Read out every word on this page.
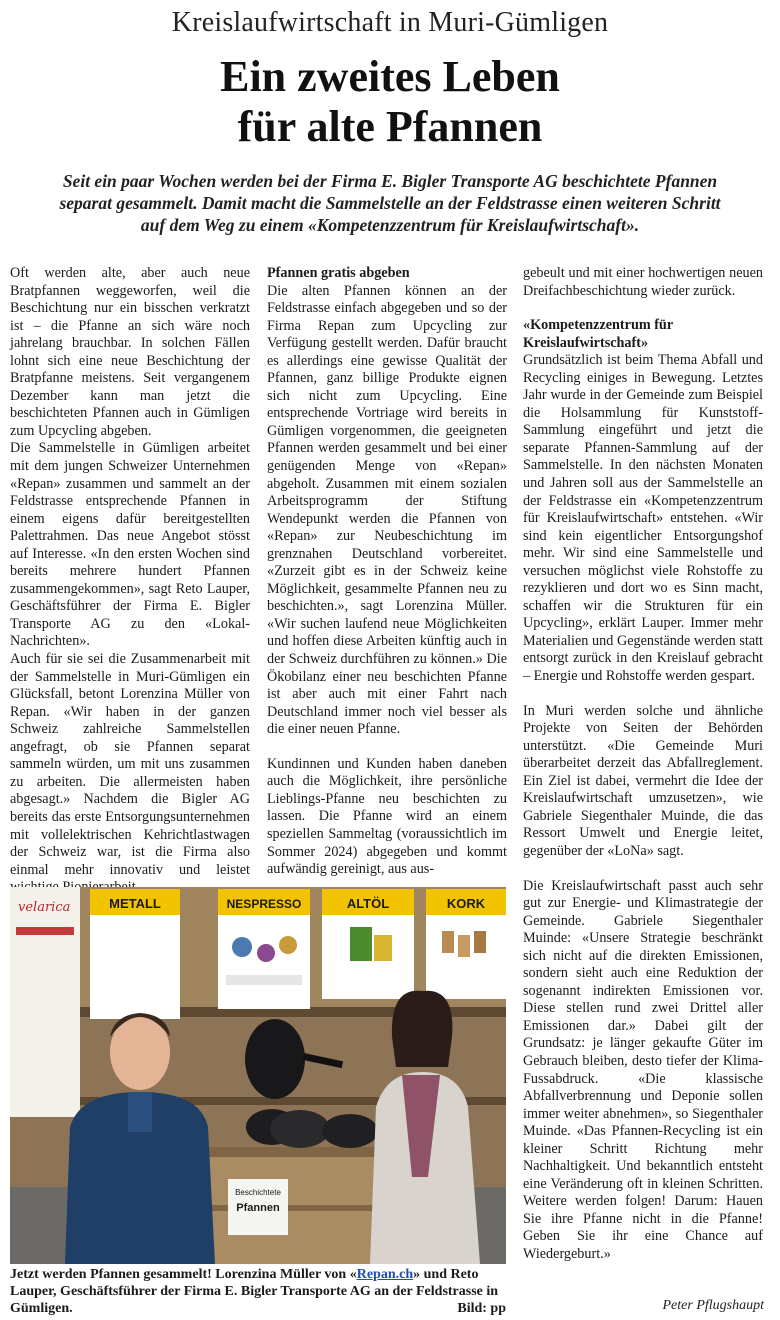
Kreislaufwirtschaft in Muri-Gümligen
Ein zweites Leben
für alte Pfannen
Seit ein paar Wochen werden bei der Firma E. Bigler Transporte AG beschichtete Pfannen
separat gesammelt. Damit macht die Sammelstelle an der Feldstrasse einen weiteren Schritt
auf dem Weg zu einem «Kompetenzzentrum für Kreislaufwirtschaft».

Oft werden alte, aber auch neue Bratpfannen weggeworfen, weil die Beschichtung nur ein bisschen verkratzt ist – die Pfanne an sich wäre noch jahrelang brauchbar. In solchen Fällen lohnt sich eine neue Beschichtung der Bratpfanne meistens. Seit vergangenem Dezember kann man jetzt die beschichteten Pfannen auch in Gümligen zum Upcycling abgeben.

Die Sammelstelle in Gümligen arbeitet mit dem jungen Schweizer Unternehmen «Repan» zusammen und sammelt an der Feldstrasse entsprechende Pfannen in einem eigens dafür bereitgestellten Palettrahmen. Das neue Angebot stösst auf Interesse. «In den ersten Wochen sind bereits mehrere hundert Pfannen zusammengekommen», sagt Reto Lauper, Geschäftsführer der Firma E. Bigler Transporte AG zu den «Lokal-Nachrichten».

Auch für sie sei die Zusammenarbeit mit der Sammelstelle in Muri-Gümligen ein Glücksfall, betont Lorenzina Müller von Repan. «Wir haben in der ganzen Schweiz zahlreiche Sammelstellen angefragt, ob sie Pfannen separat sammeln würden, um mit uns zusammen zu arbeiten. Die allermeisten haben abgesagt.» Nachdem die Bigler AG bereits das erste Entsorgungsunternehmen mit vollelektrischen Kehrichtlastwagen der Schweiz war, ist die Firma also einmal mehr innovativ und leistet

Pfannen gratis abgeben

Die alten Pfannen können an der Feldstrasse einfach abgegeben und so der Firma Repan zum Upcycling zur Verfügung gestellt werden. Dafür braucht es allerdings eine gewisse Qualität der Pfannen, ganz billige Produkte eignen sich nicht zum Upcycling. Eine entsprechende Vortriage wird bereits in Gümligen vorgenommen, die geeigneten Pfannen werden gesammelt und bei einer genügenden Menge von «Repan» abgeholt. Zusammen mit einem sozialen Arbeitsprogramm der Stiftung Wendepunkt werden die Pfannen von «Repan» zur Neubeschichtung im grenznahen Deutschland vorbereitet. «Zurzeit gibt es in der Schweiz keine Möglichkeit, gesammelte Pfannen neu zu beschichten.», sagt Lorenzina Müller. «Wir suchen laufend neue Möglichkeiten und hoffen diese Arbeiten künftig auch in der Schweiz durchführen zu können.» Die Ökobilanz einer neu beschichten Pfanne ist aber auch mit einer Fahrt nach Deutschland immer noch viel besser als die einer neuen Pfanne.

Kundinnen und Kunden haben daneben auch die Möglichkeit, ihre persönliche Lieblings-Pfanne neu beschichten zu lassen. Die Pfanne wird an einem speziellen Sammeltag (voraussichtlich im Sommer 2024) abgegeben und kommt aufwändig gereinigt, aus aus-

gebeult und mit einer hochwertigen neuen Dreifachbeschichtung wieder zurück.

«Kompetenzzentrum für Kreislaufwirtschaft»

Grundsätzlich ist beim Thema Abfall und Recycling einiges in Bewegung. Letztes Jahr wurde in der Gemeinde zum Beispiel die Holsammlung für Kunststoff-Sammlung eingeführt und jetzt die separate Pfannen-Sammlung auf der Sammelstelle. In den nächsten Monaten und Jahren soll aus der Sammelstelle an der Feldstrasse ein «Kompetenzzentrum für Kreislaufwirtschaft» entstehen. «Wir sind kein eigentlicher Entsorgungshof mehr. Wir sind eine Sammelstelle und versuchen möglichst viele Rohstoffe zu rezyklieren und dort wo es Sinn macht, schaffen wir die Strukturen für ein Upcycling», erklärt Lauper. Immer mehr Materialien und Gegenstände werden statt entsorgt zurück in den Kreislauf gebracht – Energie und Rohstoffe werden gespart.

In Muri werden solche und ähnliche Projekte von Seiten der Behörden unterstützt. «Die Gemeinde Muri überarbeitet derzeit das Abfallreglement. Ein Ziel ist dabei, vermehrt die Idee der Kreislaufwirtschaft umzusetzen», wie Gabriele Siegenthaler Muinde, die das Ressort Umwelt und Energie leitet, gegenüber der «LoNa» sagt.

Die Kreislaufwirtschaft passt auch sehr gut zur Energie- und Klimastrategie der Gemeinde. Gabriele Siegenthaler Muinde: «Unsere Strategie beschränkt sich nicht auf die direkten Emissionen, sondern sieht auch eine Reduktion der sogenannt indirekten Emissionen vor. Diese stellen rund zwei Drittel aller Emissionen dar.» Dabei gilt der Grundsatz: je länger gekaufte Güter im Gebrauch bleiben, desto tiefer der Klima-Fussabdruck. «Die klassische Abfallverbrennung und Deponie sollen immer weiter abnehmen», so Siegenthaler Muinde. «Das Pfannen-Recycling ist ein kleiner Schritt Richtung mehr Nachhaltigkeit. Und bekanntlich entsteht eine Veränderung oft in kleinen Schritten. Weitere werden folgen! Darum: Hauen Sie ihre Pfanne nicht in die Pfanne! Geben Sie ihr eine Chance auf Wiedergeburt.»

velarica	METALL	NESPRESSO	ALTÖL	KORK
Beschichtete
Pfannen
Jetzt werden Pfannen gesammelt! Lorenzina Müller von «Repan.ch» und Reto Lauper, Geschäftsführer der Firma E. Bigler Transporte AG an der Feldstrasse in Gümligen.	Bild: pp	Peter Pflugshaupt
